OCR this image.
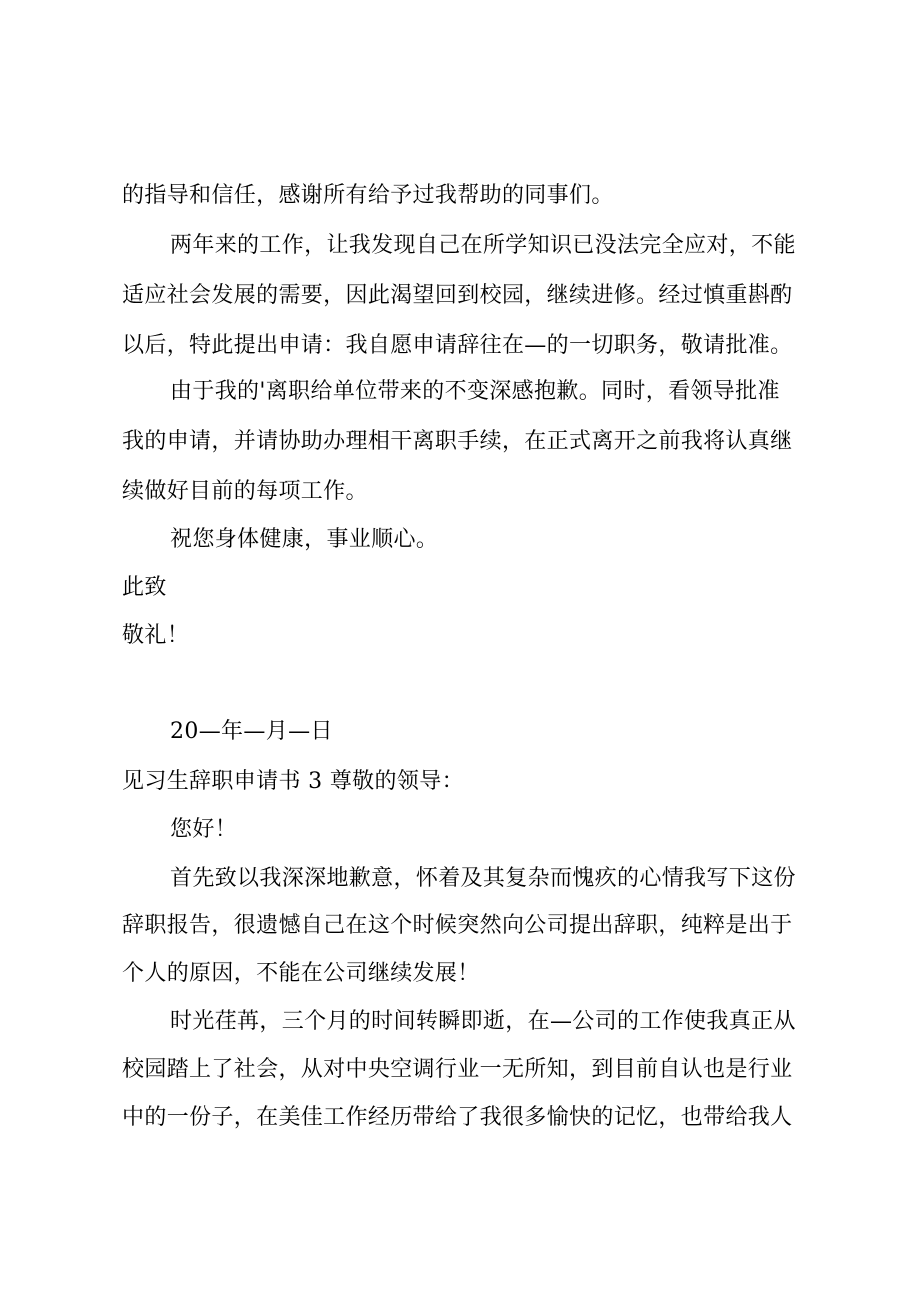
的指导和信任，感谢所有给予过我帮助的同事们。
两年来的工作，让我发现自己在所学知识已没法完全应对，不能
适应社会发展的需要，因此渴望回到校园，继续进修。经过慎重斟酌
以后，特此提出申请：我自愿申请辞往在—的一切职务，敬请批准。
由于我的'离职给单位带来的不变深感抱歉。同时，看领导批准
我的申请，并请协助办理相干离职手续，在正式离开之前我将认真继
续做好目前的每项工作。
祝您身体健康，事业顺心。
此致
敬礼！
20—年—月—日
见习生辞职申请书 3 尊敬的领导：
您好！
首先致以我深深地歉意，怀着及其复杂而愧疚的心情我写下这份
辞职报告，很遗憾自己在这个时候突然向公司提出辞职，纯粹是出于
个人的原因，不能在公司继续发展！
时光荏苒，三个月的时间转瞬即逝，在—公司的工作使我真正从
校园踏上了社会，从对中央空调行业一无所知，到目前自认也是行业
中的一份子，在美佳工作经历带给了我很多愉快的记忆，也带给我人
